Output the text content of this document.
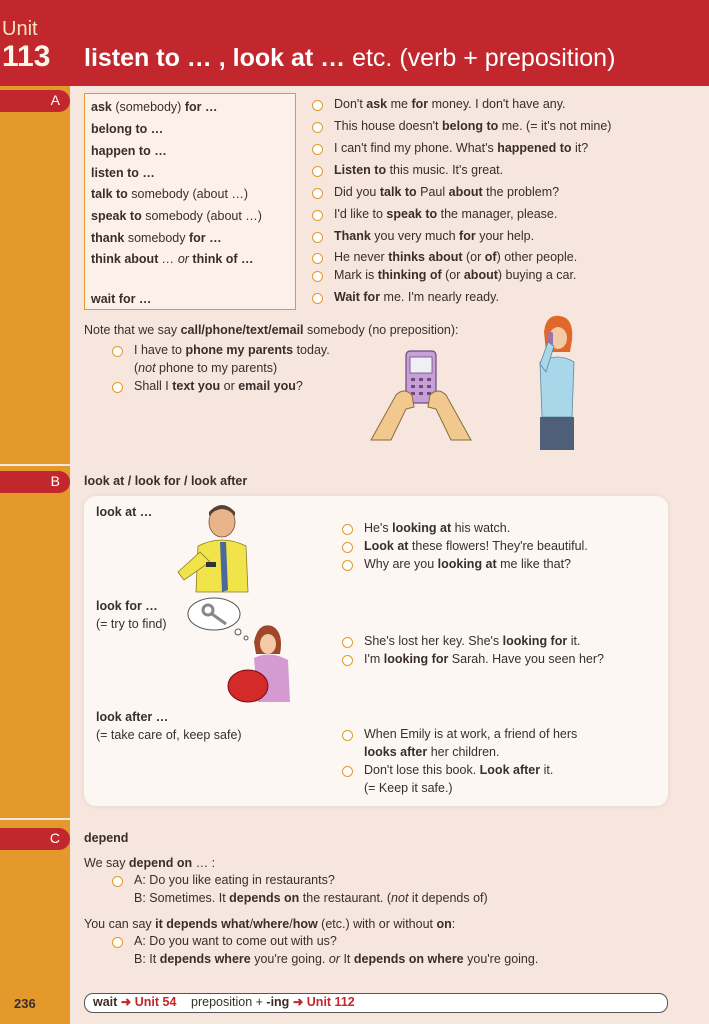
Unit
113 listen to … , look at … etc. (verb + preposition)
A
B
C
ask (somebody) for …
belong to …
happen to …
listen to …
talk to somebody (about …)
speak to somebody (about …)
thank somebody for …
think about … or think of …
wait for …
Don't ask me for money. I don't have any.
This house doesn't belong to me. (= it's not mine)
I can't find my phone. What's happened to it?
Listen to this music. It's great.
Did you talk to Paul about the problem?
I'd like to speak to the manager, please.
Thank you very much for your help.
He never thinks about (or of) other people.
Mark is thinking of (or about) buying a car.
Wait for me. I'm nearly ready.
Note that we say call/phone/text/email somebody (no preposition):
I have to phone my parents today.
(not phone to my parents)
Shall I text you or email you?
look at / look for / look after
look at …
look for …
(= try to find)
look after …
(= take care of, keep safe)
He's looking at his watch.
Look at these flowers! They're beautiful.
Why are you looking at me like that?
She's lost her key. She's looking for it.
I'm looking for Sarah. Have you seen her?
When Emily is at work, a friend of hers
looks after her children.
Don't lose this book. Look after it.
(= Keep it safe.)
depend
We say depend on … :
A: Do you like eating in restaurants?
B: Sometimes. It depends on the restaurant. (not it depends of)
You can say it depends what/where/how (etc.) with or without on:
A: Do you want to come out with us?
B: It depends where you're going. or It depends on where you're going.
236	wait ➜ Unit 54 preposition + -ing ➜ Unit 112
